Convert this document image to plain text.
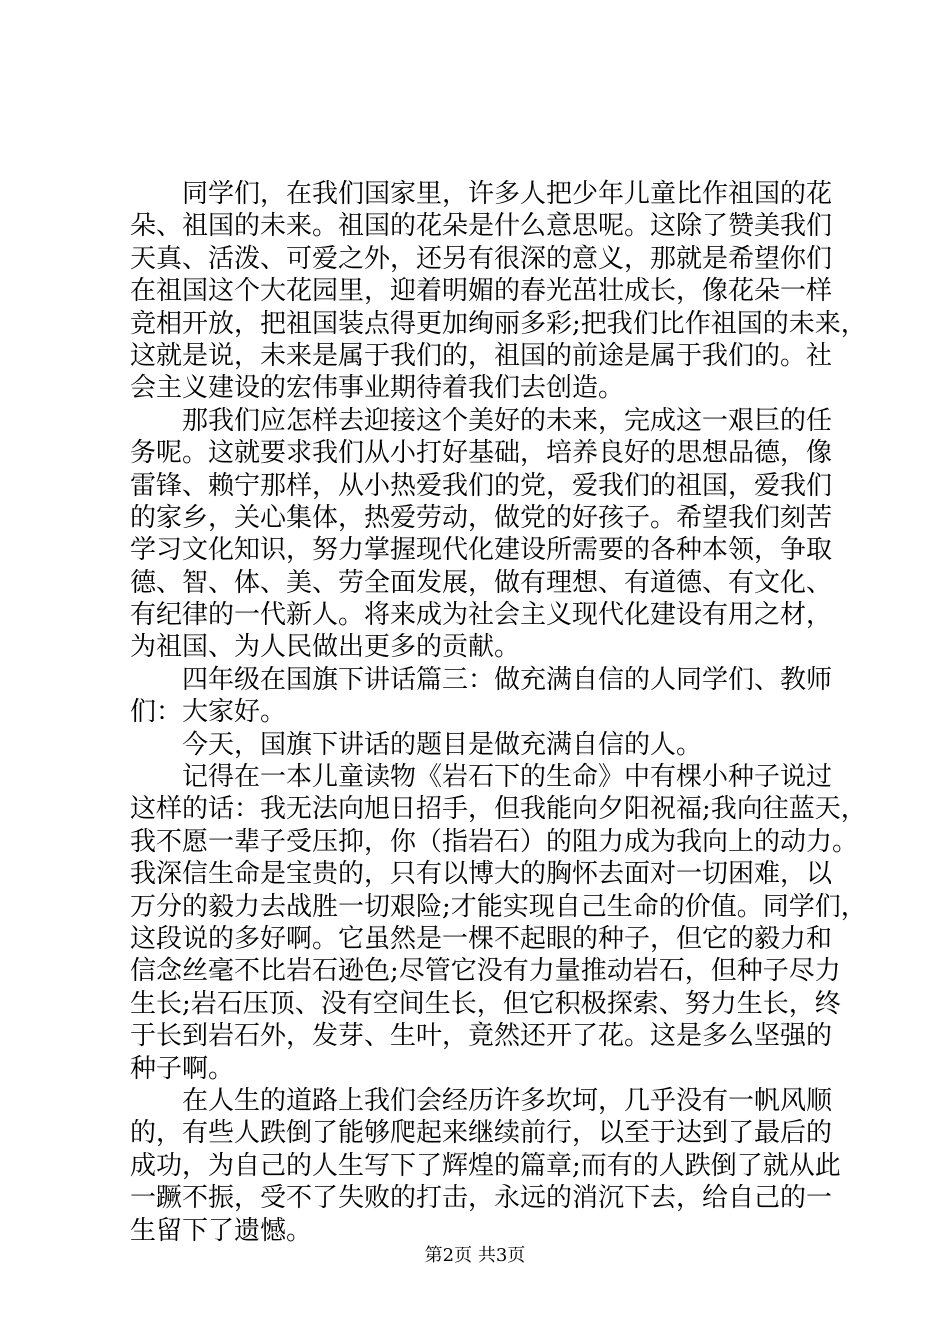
同学们，在我们国家里，许多人把少年儿童比作祖国的花
朵、祖国的未来。祖国的花朵是什么意思呢。这除了赞美我们
天真、活泼、可爱之外，还另有很深的意义，那就是希望你们
在祖国这个大花园里，迎着明媚的春光茁壮成长，像花朵一样
竞相开放，把祖国装点得更加绚丽多彩;把我们比作祖国的未来，
这就是说，未来是属于我们的，祖国的前途是属于我们的。社
会主义建设的宏伟事业期待着我们去创造。
那我们应怎样去迎接这个美好的未来，完成这一艰巨的任
务呢。这就要求我们从小打好基础，培养良好的思想品德，像
雷锋、赖宁那样，从小热爱我们的党，爱我们的祖国，爱我们
的家乡，关心集体，热爱劳动，做党的好孩子。希望我们刻苦
学习文化知识，努力掌握现代化建设所需要的各种本领，争取
德、智、体、美、劳全面发展，做有理想、有道德、有文化、
有纪律的一代新人。将来成为社会主义现代化建设有用之材，
为祖国、为人民做出更多的贡献。
四年级在国旗下讲话篇三：做充满自信的人同学们、教师
们：大家好。
今天，国旗下讲话的题目是做充满自信的人。
记得在一本儿童读物《岩石下的生命》中有棵小种子说过
这样的话：我无法向旭日招手，但我能向夕阳祝福;我向往蓝天，
我不愿一辈子受压抑，你（指岩石）的阻力成为我向上的动力。
我深信生命是宝贵的，只有以博大的胸怀去面对一切困难，以
万分的毅力去战胜一切艰险;才能实现自己生命的价值。同学们，
这段说的多好啊。它虽然是一棵不起眼的种子，但它的毅力和
信念丝毫不比岩石逊色;尽管它没有力量推动岩石，但种子尽力
生长;岩石压顶、没有空间生长，但它积极探索、努力生长，终
于长到岩石外，发芽、生叶，竟然还开了花。这是多么坚强的
种子啊。
在人生的道路上我们会经历许多坎坷，几乎没有一帆风顺
的，有些人跌倒了能够爬起来继续前行，以至于达到了最后的
成功，为自己的人生写下了辉煌的篇章;而有的人跌倒了就从此
一蹶不振，受不了失败的打击，永远的消沉下去，给自己的一
生留下了遗憾。
第2页 共3页
